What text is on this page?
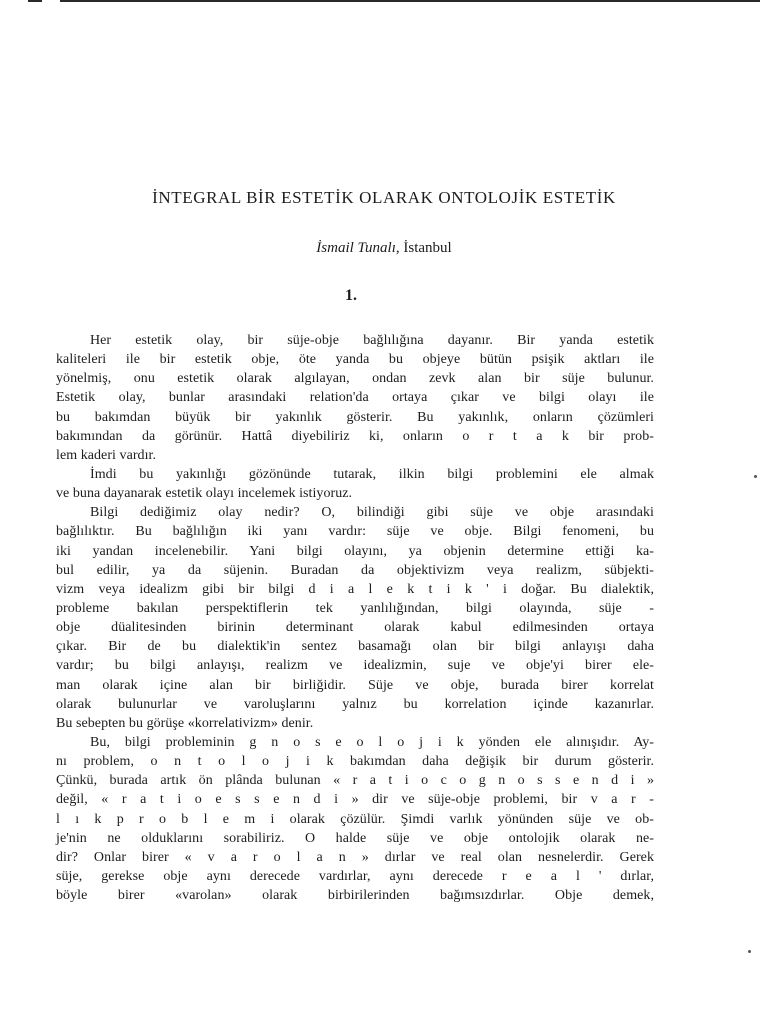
İNTEGRAL BİR ESTETİK OLARAK ONTOLOJİK ESTETİK
İsmail Tunalı, İstanbul
1.
Her estetik olay, bir süje-obje bağlılığına dayanır. Bir yanda estetik
kaliteleri ile bir estetik obje, öte yanda bu objeye bütün psişik aktları ile
yönelmiş, onu estetik olarak algılayan, ondan zevk alan bir süje bulunur.
Estetik olay, bunlar arasındaki relation'da ortaya çıkar ve bilgi olayı ile
bu bakımdan büyük bir yakınlık gösterir. Bu yakınlık, onların çözümleri
bakımından da görünür. Hattâ diyebiliriz ki, onların o r t a k bir prob-
lem kaderi vardır.
İmdi bu yakınlığı gözönünde tutarak, ilkin bilgi problemini ele almak
ve buna dayanarak estetik olayı incelemek istiyoruz.
Bilgi dediğimiz olay nedir? O, bilindiği gibi süje ve obje arasındaki
bağlılıktır. Bu bağlılığın iki yanı vardır: süje ve obje. Bilgi fenomeni, bu
iki yandan incelenebilir. Yani bilgi olayını, ya objenin determine ettiği ka-
bul edilir, ya da süjenin. Buradan da objektivizm veya realizm, sübjekti-
vizm veya idealizm gibi bir bilgi d i a l e k t i k ' i doğar. Bu dialektik,
probleme bakılan perspektiflerin tek yanlılığından, bilgi olayında, süje -
obje düalitesinden birinin determinant olarak kabul edilmesinden ortaya
çıkar. Bir de bu dialektik'in sentez basamağı olan bir bilgi anlayışı daha
vardır; bu bilgi anlayışı, realizm ve idealizmin, suje ve obje'yi birer ele-
man olarak içine alan bir birliğidir. Süje ve obje, burada birer korrelat
olarak bulunurlar ve varoluşlarını yalnız bu korrelation içinde kazanırlar.
Bu sebepten bu görüşe «korrelativizm» denir.
Bu, bilgi probleminin g n o s e o l o j i k yönden ele alınışıdır. Ay-
nı problem, o n t o l o j i k bakımdan daha değişik bir durum gösterir.
Çünkü, burada artık ön plânda bulunan « r a t i o c o g n o s s e n d i »
değil, « r a t i o e s s e n d i » dir ve süje-obje problemi, bir v a r -
l ı k p r o b l e m i olarak çözülür. Şimdi varlık yönünden süje ve ob-
je'nin ne olduklarını sorabiliriz. O halde süje ve obje ontolojik olarak ne-
dir? Onlar birer « v a r o l a n » dırlar ve real olan nesnelerdir. Gerek
süje, gerekse obje aynı derecede vardırlar, aynı derecede r e a l ' dırlar,
böyle birer «varolan» olarak birbirilerinden bağımsızdırlar. Obje demek,
